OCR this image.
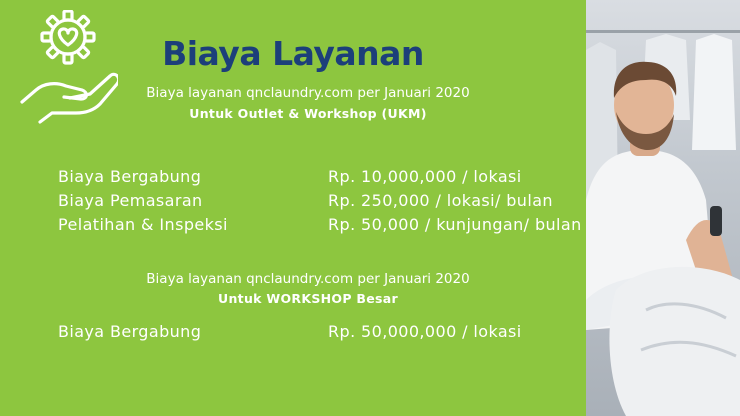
Biaya Layanan
Biaya layanan qnclaundry.com per Januari 2020
Untuk Outlet & Workshop (UKM)
Biaya Bergabung	Rp. 10,000,000 / lokasi
Biaya Pemasaran	Rp. 250,000 / lokasi/ bulan
Pelatihan & Inspeksi	Rp. 50,000 / kunjungan/ bulan
Biaya layanan qnclaundry.com per Januari 2020
Untuk WORKSHOP Besar
Biaya Bergabung	Rp. 50,000,000 / lokasi
